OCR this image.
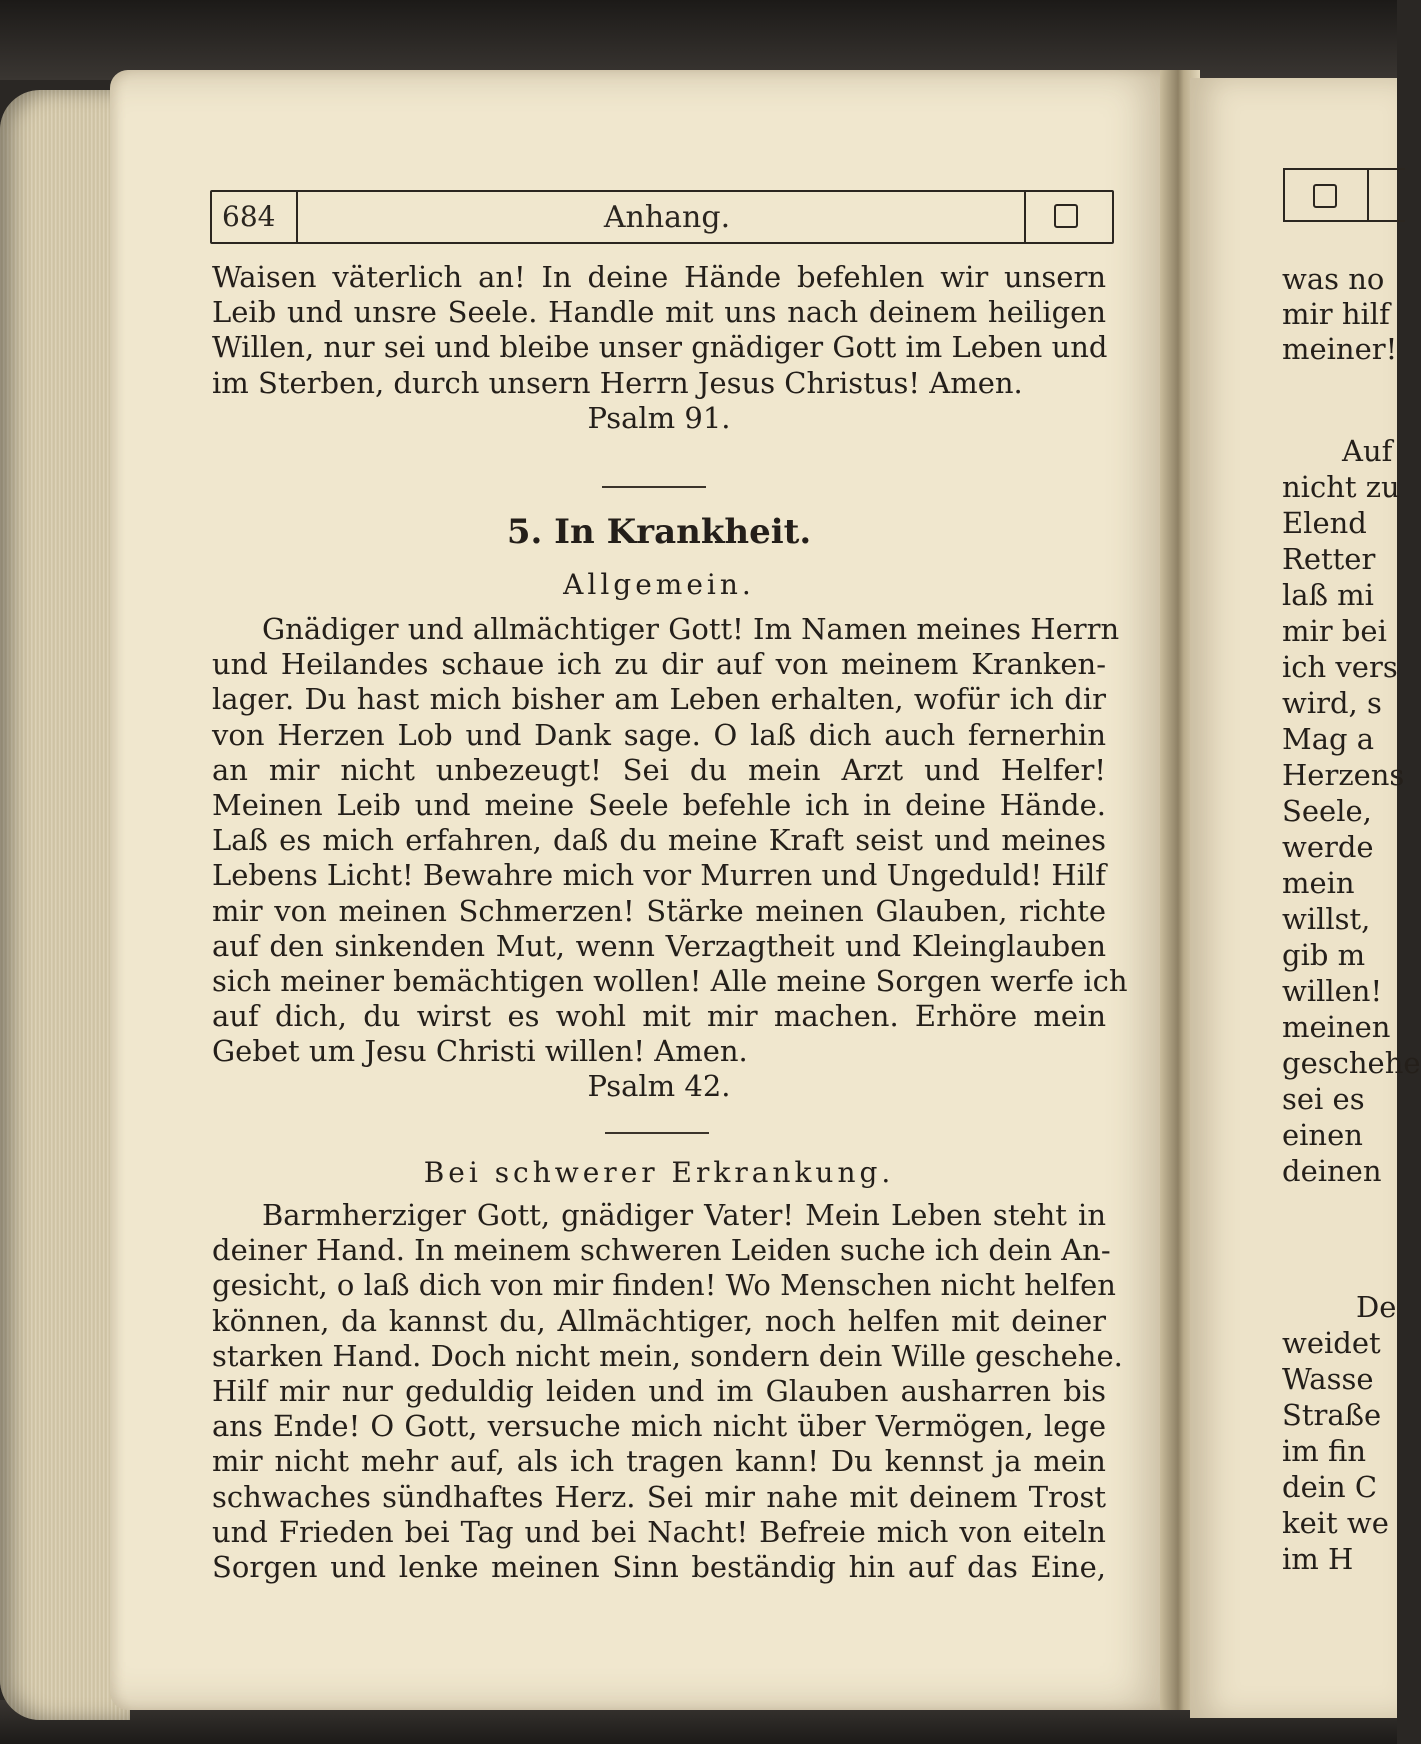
684	Anhang.
Waisen väterlich an! In deine Hände befehlen wir unsern
Leib und unsre Seele. Handle mit uns nach deinem heiligen
Willen, nur sei und bleibe unser gnädiger Gott im Leben und
im Sterben, durch unsern Herrn Jesus Christus! Amen.
Psalm 91.
5. In Krankheit.
Allgemein.
Gnädiger und allmächtiger Gott! Im Namen meines Herrn
und Heilandes schaue ich zu dir auf von meinem Kranken-
lager. Du hast mich bisher am Leben erhalten, wofür ich dir
von Herzen Lob und Dank sage. O laß dich auch fernerhin
an mir nicht unbezeugt! Sei du mein Arzt und Helfer!
Meinen Leib und meine Seele befehle ich in deine Hände.
Laß es mich erfahren, daß du meine Kraft seist und meines
Lebens Licht! Bewahre mich vor Murren und Ungeduld! Hilf
mir von meinen Schmerzen! Stärke meinen Glauben, richte
auf den sinkenden Mut, wenn Verzagtheit und Kleinglauben
sich meiner bemächtigen wollen! Alle meine Sorgen werfe ich
auf dich, du wirst es wohl mit mir machen. Erhöre mein
Gebet um Jesu Christi willen! Amen.
Psalm 42.
Bei schwerer Erkrankung.
Barmherziger Gott, gnädiger Vater! Mein Leben steht in
deiner Hand. In meinem schweren Leiden suche ich dein An-
gesicht, o laß dich von mir finden! Wo Menschen nicht helfen
können, da kannst du, Allmächtiger, noch helfen mit deiner
starken Hand. Doch nicht mein, sondern dein Wille geschehe.
Hilf mir nur geduldig leiden und im Glauben ausharren bis
ans Ende! O Gott, versuche mich nicht über Vermögen, lege
mir nicht mehr auf, als ich tragen kann! Du kennst ja mein
schwaches sündhaftes Herz. Sei mir nahe mit deinem Trost
und Frieden bei Tag und bei Nacht! Befreie mich von eiteln
Sorgen und lenke meinen Sinn beständig hin auf das Eine,
was no
mir hilf
meiner!
Auf
nicht zu
Elend
Retter
laß mi
mir bei
ich vers
wird, s
Mag a
Herzens
Seele,
werde
mein
willst,
gib m
willen!
meinen
geschehe
sei es
einen
deinen
De
weidet
Wasse
Straße
im fin
dein C
keit we
im H
